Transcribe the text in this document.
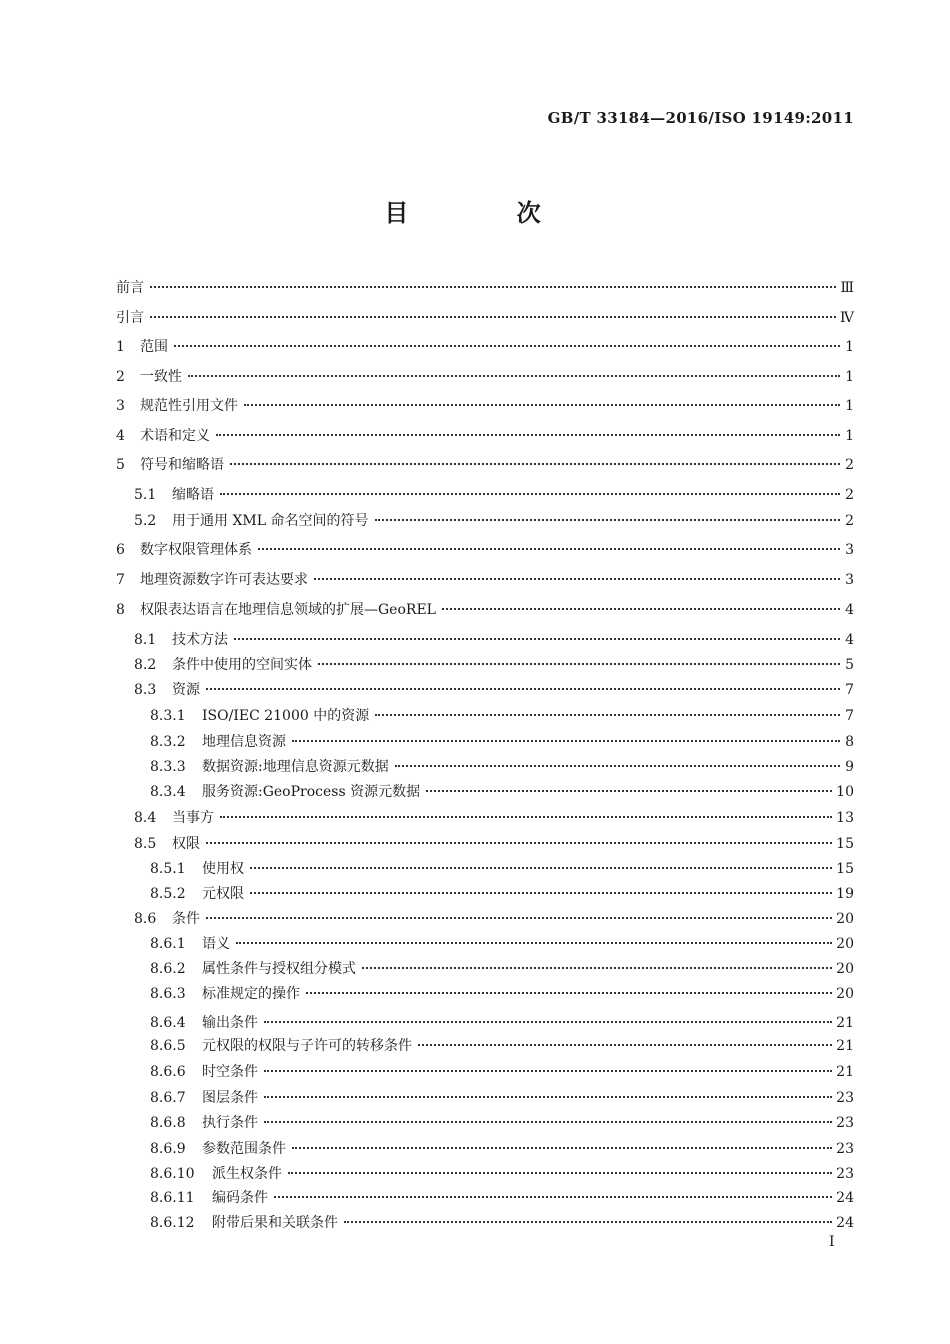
GB/T 33184—2016/ISO 19149:2011
目 次
前言	Ⅲ
引言	Ⅳ
1	范围	1
2	一致性	1
3	规范性引用文件	1
4	术语和定义	1
5	符号和缩略语	2
5.1	缩略语	2
5.2	用于通用 XML 命名空间的符号	2
6	数字权限管理体系	3
7	地理资源数字许可表达要求	3
8	权限表达语言在地理信息领域的扩展—GeoREL	4
8.1	技术方法	4
8.2	条件中使用的空间实体	5
8.3	资源	7
8.3.1	ISO/IEC 21000 中的资源	7
8.3.2	地理信息资源	8
8.3.3	数据资源:地理信息资源元数据	9
8.3.4	服务资源:GeoProcess 资源元数据	10
8.4	当事方	13
8.5	权限	15
8.5.1	使用权	15
8.5.2	元权限	19
8.6	条件	20
8.6.1	语义	20
8.6.2	属性条件与授权组分模式	20
8.6.3	标准规定的操作	20
8.6.4	输出条件	21
8.6.5	元权限的权限与子许可的转移条件	21
8.6.6	时空条件	21
8.6.7	图层条件	23
8.6.8	执行条件	23
8.6.9	参数范围条件	23
8.6.10	派生权条件	23
8.6.11	编码条件	24
8.6.12	附带后果和关联条件	24
I
